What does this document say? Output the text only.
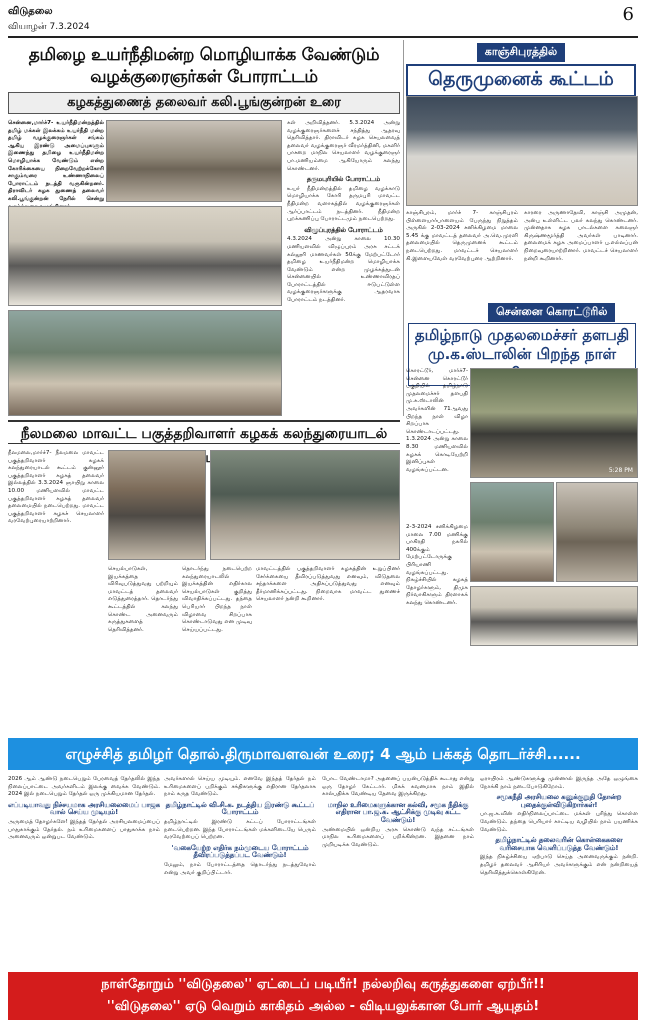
விடுதலை
வியாழன் 7.3.2024
6
தமிழை உயர்நீதிமன்ற மொழியாக்க வேண்டும்
வழக்குரைஞர்கள் போராட்டம்
கழகத்துணைத் தலைவர் கலி.பூங்குன்றன் உரை
சென்னை,மார்ச்7- உயர்நீதிமன்றத்தில் தமிழ் மக்கள் இலக்கம் உயர்நீதி மன்ற தமிழ் வழக்குரைஞர்கள் சங்கம் ஆகிய இரண்டு அமைப்புகளும் இணைந்து தமிழை உயர்நீதிமன்ற மொழியாக்க வேண்டும் என்ற கோரிக்கையை நிறைவேற்றக்கோரி சாகும்வரை உண்ணாநிலைப் போராட்டம் நடத்தி வருகின்றனர். திராவிடர் கழக துணைத் தலைவர் கலி.பூங்குன்றன் நேரில் சென்று
கள் அறிவித்தனர். 5.3.2024 அன்று வழக்குரைஞர்களைச் சந்தித்து ஆதரவு தெரிவித்தார். திராவிடர் கழக செயலவைத் தலைவர் வழக்குரைஞர் வீரமர்த்தினி, மகளிர் பாசறை மாநில செயலாளர் வழக்குரைஞர் பா.மணியம்மை ஆகியோரும் கலந்து கொண்டனர்.
தருமபுரியில் போராட்டம்
உயர் நீதிமன்றத்தில் தமிழை வழக்காடு மொழியாக்க கோரி தருமபுரி மாவட்ட நீதிமன்ற வளாகத்தில் வழக்குரைஞர்கள் ஆர்ப்பாட்டம் நடத்தினர். நீதிமன்ற புறக்கணிப்பு போராட்டமும் நடைபெற்றது.
விழுப்புரத்தில் போராட்டம்
4.3.2024 அன்று காலை 10.30 மணியளவில் விழுப்புரம் அரசு சட்டக் கல்லூரி மாணவர்கள் 50க்கு மேற்பட்டோர் தமிழை உயர்நீதிமன்ற மொழியாக்க வேண்டும் என்ற முழக்கத்துடன் சென்னையில் உண்ணாவிரதப் போராட்டத்தில் ஈடுபட்டுள்ள வழக்குரைஞர்களுக்கு ஆதரவாக போராட்டம் நடத்தினர்.
காஞ்சிபுரத்தில்
தெருமுனைக் கூட்டம்
காஞ்சிபுரம், மார்ச் 7- காஞ்சிபுரம் பிள்ளையார்பாளையம் பேருந்து நிறுத்தம் அருகில் 2-03-2024 சனிக்கிழமை மாலை 5.45 க்கு மாவட்டத் தலைவர் அ.வெ.முரளி தலைமையில் தெருமுனைக் கூட்டம் நடைபெற்றது. மாவட்டச் செயலாளர் கி.இளையவேள் வரவேற்புரை ஆற்றினார்.
காரரை அருணாதேவி, காஞ்சி அமுதன், அன்பு உள்ளிட்ட பலர் கலந்து கொண்டனர். முன்னதாக கழக பாடல்களை கலைஞர் கிருஷ்ணமூர்த்தி அவர்கள் பாடினார். தலைமைக் கழக அமைப்பாளர் பு.எல்லப்பன் நிறைவுரையாற்றினார். மாவட்டச் செயலாளர் நன்றி கூறினார்.
சென்னை கொரட்டூரில்
தமிழ்நாடு முதலமைச்சர் தளபதி
மு.க.ஸ்டாலின் பிறந்த நாள்
நீலமலை மாவட்ட பகுத்தறிவாளர் கழகக் கலந்துரையாடல்
நீலமலை,மார்ச்7- நீலமலை மாவட்ட பகுத்தறிவாளர் கழகக் கலந்துரையாடல் கூட்டம் குன்னூர் பகுத்தறிவாளர் கழகத் தலைவர் இல்லத்தில் 3.3.2024 ஞாயிறு காலை 10.00 மணியளவில் மாவட்ட பகுத்தறிவாளர் கழகத் தலைவர் தலைமையில் நடைபெற்றது. மாவட்ட பகுத்தறிவாளர் கழகச் செயலாளர் வரவேற்புரையாற்றினார்.
செயல்பாடுகள், இயக்கத்தை விரிவுபடுத்துவது பற்றியும் மாவட்டத் தலைவர் எடுத்துரைத்தார். தொடர்ந்து கூட்டத்தில் கலந்து கொண்ட அனைவரும் கருத்துகளைத் தெரிவித்தனர்.
தொடர்ந்து நடைபெற்ற கலந்துரையாடலில் இயக்கத்தின் எதிர்கால செயல்பாடுகள் குறித்து விவாதிக்கப்பட்டது. தந்தை பெரியார் பிறந்த நாள் விழாவை சிறப்பாக கொண்டாடுவது என முடிவு செய்யப்பட்டது.
மாவட்டத்தில் பகுத்தறிவாளர் கழகத்தின் உறுப்பினர் சேர்க்கையை தீவிரப்படுத்துவது எனவும், விடுதலை சந்தாக்களை அதிகப்படுத்துவது எனவும் தீர்மானிக்கப்பட்டது. நிறைவாக மாவட்ட துணைச் செயலாளர் நன்றி கூறினார்.
கொரட்டூர், மார்ச்7- சென்னை கொரட்டூர் பகுதியில் தமிழ்நாடு முதலமைச்சர் தளபதி மு.க.ஸ்டாலின் அவர்களின் 71ஆவது பிறந்த நாள் விழா சிறப்பாக கொண்டாடப்பட்டது. 1.3.2024 அன்று காலை 8.30 மணியளவில் கழகக் கொடியேற்றி இனிப்புகள் வழங்கப்பட்டன.	5:28 PM
2-3-2024 சனிக்கிழமை மாலை 7.00 மணிக்கு பாகிரதி நகரில் 400க்கும் மேற்பட்டோருக்கு பிரியாணி வழங்கப்பட்டது. நிகழ்ச்சியில் கழகத் தோழர்களும், திமுக நிர்வாகிகளும் திரளாகக் கலந்து கொண்டனர்.
எழுச்சித் தமிழர் தொல்.திருமாவளவன் உரை; 4 ஆம் பக்கத் தொடர்ச்சி......
2026 ஆம் ஆண்டு நடைபெறும் பேரவைத் தேர்தலில் இந்த நிலைப்பாட்டை அவர்களிடம் இலக்கு வைக்க வேண்டும். 2024 இல் நடைபெறும் தேர்தல் ஒரு முக்கியமான தேர்தல்.
எப்படியாவது நிச்சயமாக அரசியலைமைப் பாஜக வால் செய்ய முடியும்!
அருமைத் தோழர்களே! இந்தத் தேர்தல் அரசியலமைப்பைப் பாதுகாக்கும் தேர்தல். நம் உரிமைகளைப் பாதுகாக்க நாம் அனைவரும் ஒன்றுபட வேண்டும்.
அவர்களால் செய்ய முடியும். எனவே இந்தத் தேர்தல் நம் உரிமைகளைப் பறிக்கும் சக்திகளுக்கு எதிரான தேர்தலாக நாம் கருத வேண்டும்.
தமிழ்நாட்டில் வி.சி.க. நடத்திய இரண்டு கூட்டப் போராட்டம்
தமிழ்நாட்டில் இரண்டு கட்டப் போராட்டங்கள் நடைபெற்றன. இந்த போராட்டங்கள் மக்களிடையே பெரும் வரவேற்பைப் பெற்றன.
'வகையேற்ற எதிர்க நம்முடைய போராட்டம் தீவிரப்படுத்தப்பட வேண்டும்!
மேலும், நாம் போராட்டத்தை தொடர்ந்து நடத்துவோம் என்று அவர் குறிப்பிட்டார்.
போட வேண்டாமா? அதனைப் பயன்படுத்திக் கூடாது என்று ஒரு தோழர் கேட்டார். மிகக் கவனமாக நாம் இதில் கால்பதிக்க வேண்டிய தேவை இருக்கிறது.
மாநில உரிமைகளுக்கான கல்வி, சமூக நீதிக்கு எதிரான பா.ஜ.க. ஆட்சிக்கு முடிவு கட்ட வேண்டும்!
அண்மையில் ஒன்றிய அரசு கொண்டு வந்த சட்டங்கள் மாநில உரிமைகளைப் பறிக்கின்றன. இதனை நாம் முறியடிக்க வேண்டும்.
ஒராயிரம் ஆண்டுகளுக்கு முன்னால் இருந்த அதே ஒழுங்கை நோக்கி நாம் நடைபோடுகிறோம்.
சமூகநீதி அரசியலை கனுக்குறுதி தோன்ற புதைக்குள்விடுகிறார்கள்!
பா.ஜ.க.வின் எதிர்நிலைப்பாட்டை மக்கள் புரிந்து கொள்ள வேண்டும். தந்தை பெரியார் காட்டிய வழியில் நாம் பயணிக்க வேண்டும்.
தமிழ்நாட்டில் தலைவரின் கொள்கைகளை வரிசையாக வெளிப்படுத்த வேண்டும்!
இந்த நிகழ்ச்சியை ஏற்பாடு செய்த அனைவருக்கும் நன்றி. தமிழர் தலைவர் ஆசிரியர் அவர்களுக்கும் என் நன்றியைத் தெரிவித்துக்கொள்கிறேன்.
நாள்தோறும் ''விடுதலை'' ஏட்டைப் படியீர்! நல்லறிவு கருத்துகளை ஏற்பீர்!!
''விடுதலை'' ஏடு வெறும் காகிதம் அல்ல - விடியலுக்கான போர் ஆயுதம்!
